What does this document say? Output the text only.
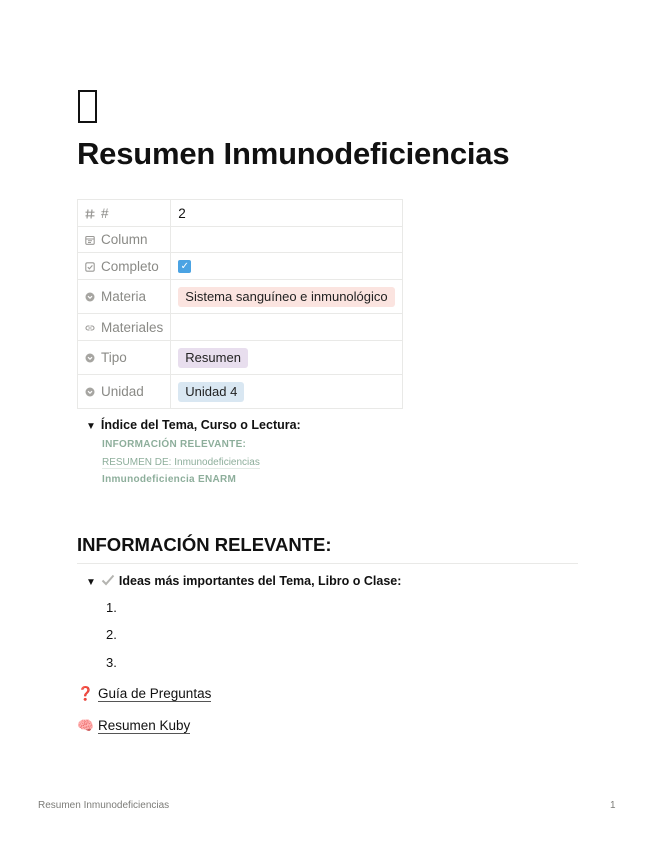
Resumen Inmunodeficiencias
#	2
Column	
Completo	✓
Materia	Sistema sanguíneo e inmunológico
Materiales	
Tipo	Resumen
Unidad	Unidad 4
▼ Índice del Tema, Curso o Lectura:
INFORMACIÓN RELEVANTE:
RESUMEN DE: Inmunodeficiencias
Inmunodeficiencia ENARM
INFORMACIÓN RELEVANTE:
▼ Ideas más importantes del Tema, Libro o Clase:
1.
2.
3.
❓ Guía de Preguntas
🧠 Resumen Kuby
Resumen Inmunodeficiencias	1
